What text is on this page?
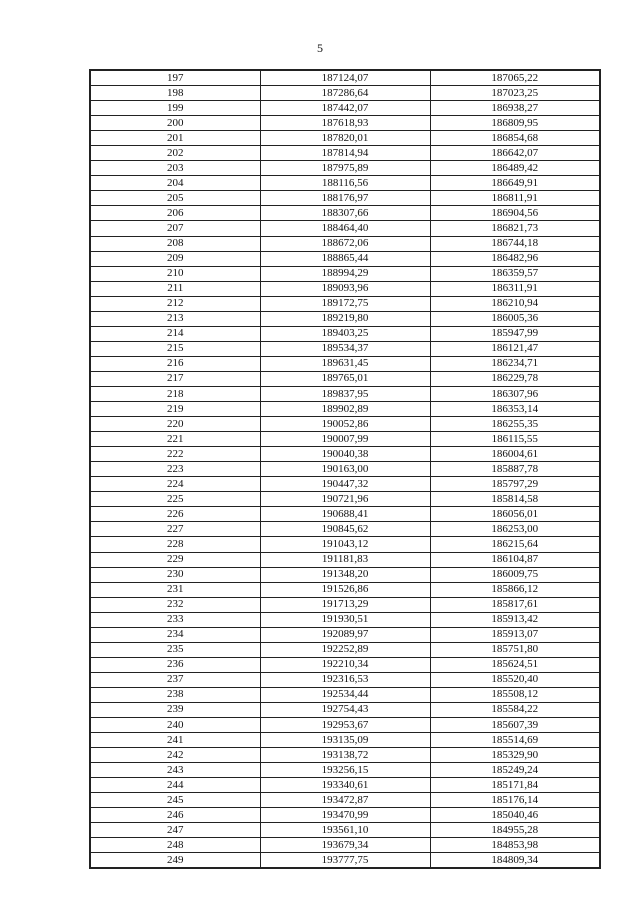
5
197	187124,07	187065,22
198	187286,64	187023,25
199	187442,07	186938,27
200	187618,93	186809,95
201	187820,01	186854,68
202	187814,94	186642,07
203	187975,89	186489,42
204	188116,56	186649,91
205	188176,97	186811,91
206	188307,66	186904,56
207	188464,40	186821,73
208	188672,06	186744,18
209	188865,44	186482,96
210	188994,29	186359,57
211	189093,96	186311,91
212	189172,75	186210,94
213	189219,80	186005,36
214	189403,25	185947,99
215	189534,37	186121,47
216	189631,45	186234,71
217	189765,01	186229,78
218	189837,95	186307,96
219	189902,89	186353,14
220	190052,86	186255,35
221	190007,99	186115,55
222	190040,38	186004,61
223	190163,00	185887,78
224	190447,32	185797,29
225	190721,96	185814,58
226	190688,41	186056,01
227	190845,62	186253,00
228	191043,12	186215,64
229	191181,83	186104,87
230	191348,20	186009,75
231	191526,86	185866,12
232	191713,29	185817,61
233	191930,51	185913,42
234	192089,97	185913,07
235	192252,89	185751,80
236	192210,34	185624,51
237	192316,53	185520,40
238	192534,44	185508,12
239	192754,43	185584,22
240	192953,67	185607,39
241	193135,09	185514,69
242	193138,72	185329,90
243	193256,15	185249,24
244	193340,61	185171,84
245	193472,87	185176,14
246	193470,99	185040,46
247	193561,10	184955,28
248	193679,34	184853,98
249	193777,75	184809,34
